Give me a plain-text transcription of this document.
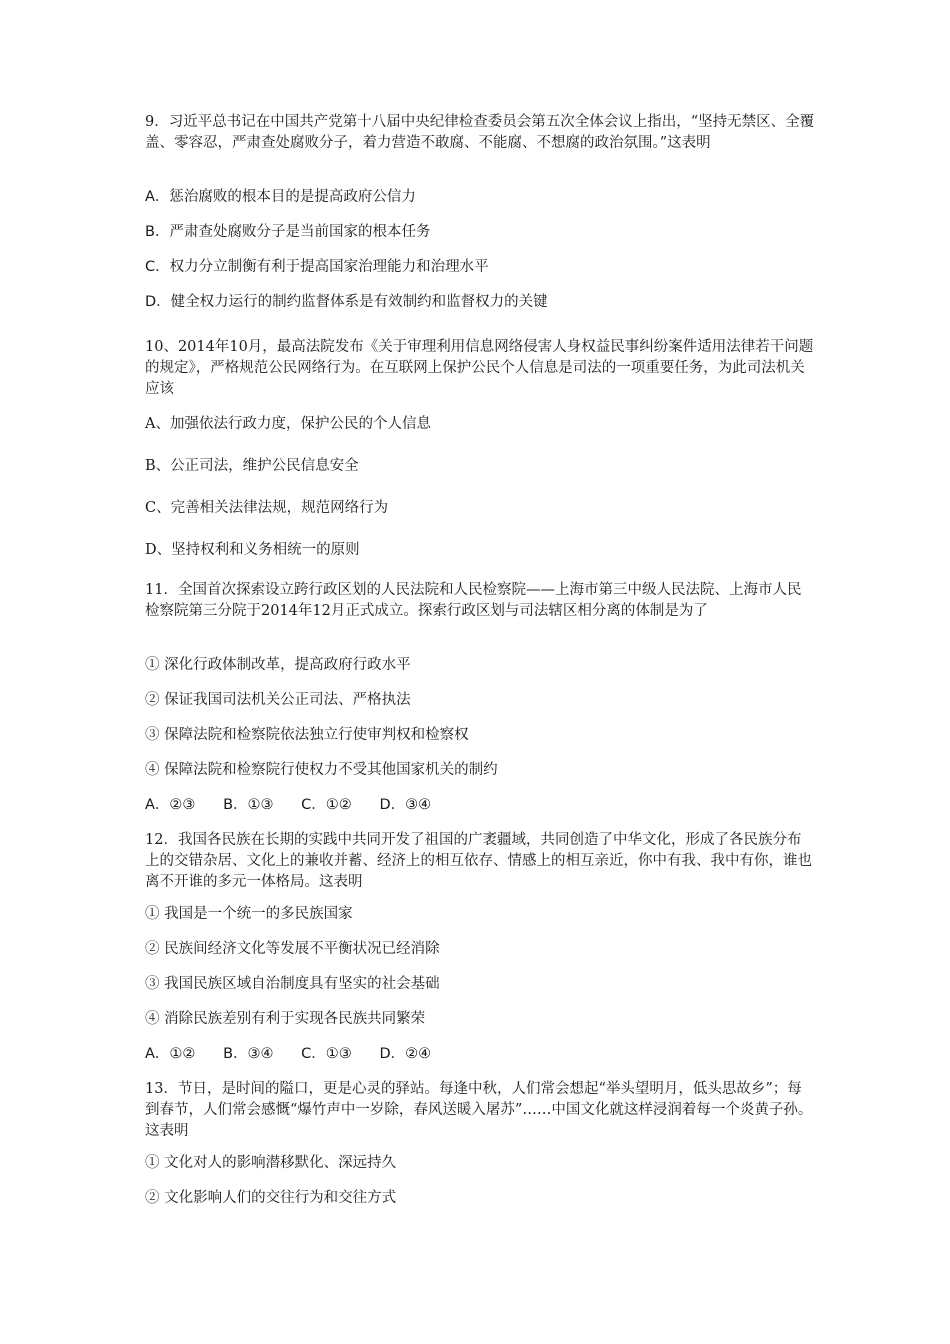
9．习近平总书记在中国共产党第十八届中央纪律检查委员会第五次全体会议上指出，“坚持无禁区、全覆盖、零容忍，严肃查处腐败分子，着力营造不敢腐、不能腐、不想腐的政治氛围。”这表明

A．惩治腐败的根本目的是提高政府公信力

B．严肃查处腐败分子是当前国家的根本任务

C．权力分立制衡有利于提高国家治理能力和治理水平

D．健全权力运行的制约监督体系是有效制约和监督权力的关键

10、2014年10月，最高法院发布《关于审理利用信息网络侵害人身权益民事纠纷案件适用法律若干问题的规定》，严格规范公民网络行为。在互联网上保护公民个人信息是司法的一项重要任务，为此司法机关应该

A、加强依法行政力度，保护公民的个人信息

B、公正司法，维护公民信息安全

C、完善相关法律法规，规范网络行为

D、坚持权利和义务相统一的原则

11．全国首次探索设立跨行政区划的人民法院和人民检察院——上海市第三中级人民法院、上海市人民检察院第三分院于2014年12月正式成立。探索行政区划与司法辖区相分离的体制是为了

① 深化行政体制改革，提高政府行政水平

② 保证我国司法机关公正司法、严格执法

③ 保障法院和检察院依法独立行使审判权和检察权

④ 保障法院和检察院行使权力不受其他国家机关的制约

A．②③      B．①③      C．①②      D．③④

12．我国各民族在长期的实践中共同开发了祖国的广袤疆域，共同创造了中华文化，形成了各民族分布上的交错杂居、文化上的兼收并蓄、经济上的相互依存、情感上的相互亲近，你中有我、我中有你，谁也离不开谁的多元一体格局。这表明

① 我国是一个统一的多民族国家

② 民族间经济文化等发展不平衡状况已经消除

③ 我国民族区域自治制度具有坚实的社会基础

④ 消除民族差别有利于实现各民族共同繁荣

A．①②      B．③④      C．①③      D．②④

13．节日，是时间的隘口，更是心灵的驿站。每逢中秋，人们常会想起“举头望明月，低头思故乡”；每到春节，人们常会感慨“爆竹声中一岁除，春风送暖入屠苏”……中国文化就这样浸润着每一个炎黄子孙。这表明

① 文化对人的影响潜移默化、深远持久

② 文化影响人们的交往行为和交往方式
